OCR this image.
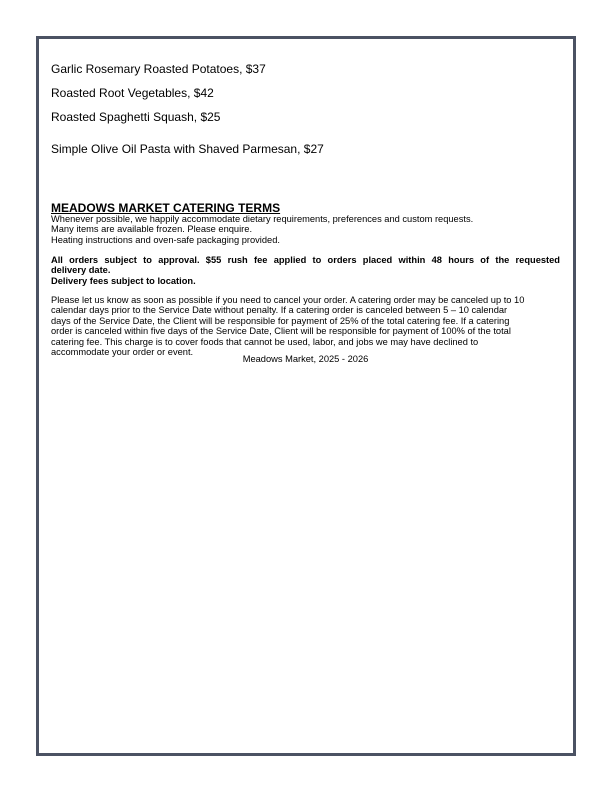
Garlic Rosemary Roasted Potatoes, $37
Roasted Root Vegetables, $42
Roasted Spaghetti Squash, $25
Simple Olive Oil Pasta with Shaved Parmesan, $27
MEADOWS MARKET CATERING TERMS
Whenever possible, we happily accommodate dietary requirements, preferences and custom requests.
Many items are available frozen. Please enquire.
Heating instructions and oven-safe packaging provided.
All orders subject to approval. $55 rush fee applied to orders placed within 48 hours of the requested
delivery date.
Delivery fees subject to location.
Please let us know as soon as possible if you need to cancel your order. A catering order may be canceled up to 10
calendar days prior to the Service Date without penalty. If a catering order is canceled between 5 – 10 calendar
days of the Service Date, the Client will be responsible for payment of 25% of the total catering fee. If a catering
order is canceled within five days of the Service Date, Client will be responsible for payment of 100% of the total
catering fee. This charge is to cover foods that cannot be used, labor, and jobs we may have declined to
accommodate your order or event.
Meadows Market, 2025 - 2026
